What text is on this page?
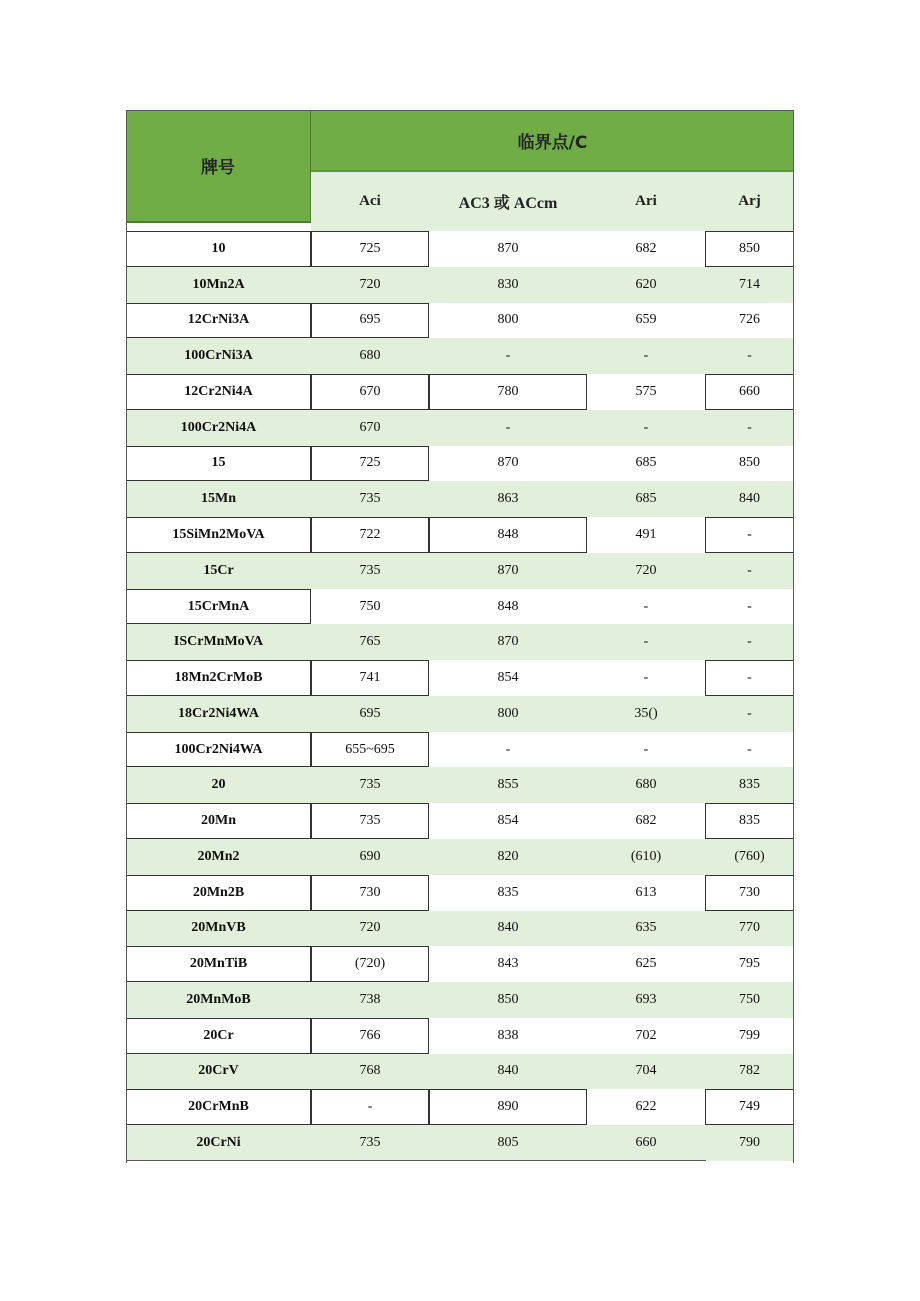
牌号
临界点/C
Aci	AC3 或 ACcm	Ari	Arj
10	725	870	682	850
10Mn2A	720	830	620	714
12CrNi3A	695	800	659	726
100CrNi3A	680	-	-	-
12Cr2Ni4A	670	780	575	660
100Cr2Ni4A	670	-	-	-
15	725	870	685	850
15Mn	735	863	685	840
15SiMn2MoVA	722	848	491	-
15Cr	735	870	720	-
15CrMnA	750	848	-	-
ISCrMnMoVA	765	870	-	-
18Mn2CrMoB	741	854	-	-
18Cr2Ni4WA	695	800	35()	-
100Cr2Ni4WA	655~695	-	-	-
20	735	855	680	835
20Mn	735	854	682	835
20Mn2	690	820	(610)	(760)
20Mn2B	730	835	613	730
20MnVB	720	840	635	770
20MnTiB	(720)	843	625	795
20MnMoB	738	850	693	750
20Cr	766	838	702	799
20CrV	768	840	704	782
20CrMnB	-	890	622	749
20CrNi	735	805	660	790
